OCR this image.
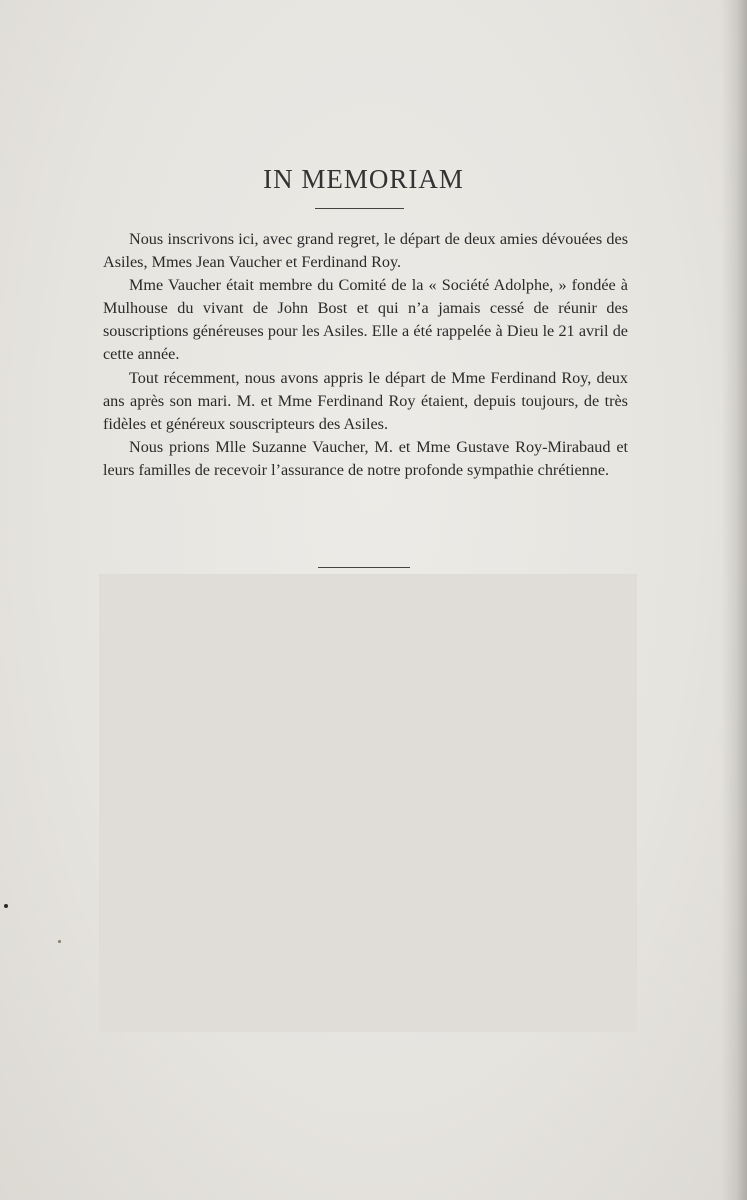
IN MEMORIAM

Nous inscrivons ici, avec grand regret, le départ de deux amies dévouées des Asiles, Mmes Jean Vaucher et Ferdinand Roy.

Mme Vaucher était membre du Comité de la « Société Adolphe, » fondée à Mulhouse du vivant de John Bost et qui n’a jamais cessé de réunir des souscriptions généreuses pour les Asiles. Elle a été rappelée à Dieu le 21 avril de cette année.

Tout récemment, nous avons appris le départ de Mme Ferdinand Roy, deux ans après son mari. M. et Mme Ferdinand Roy étaient, depuis toujours, de très fidèles et généreux souscripteurs des Asiles.

Nous prions Mlle Suzanne Vaucher, M. et Mme Gustave Roy-Mirabaud et leurs familles de recevoir l’assurance de notre profonde sympathie chrétienne.
